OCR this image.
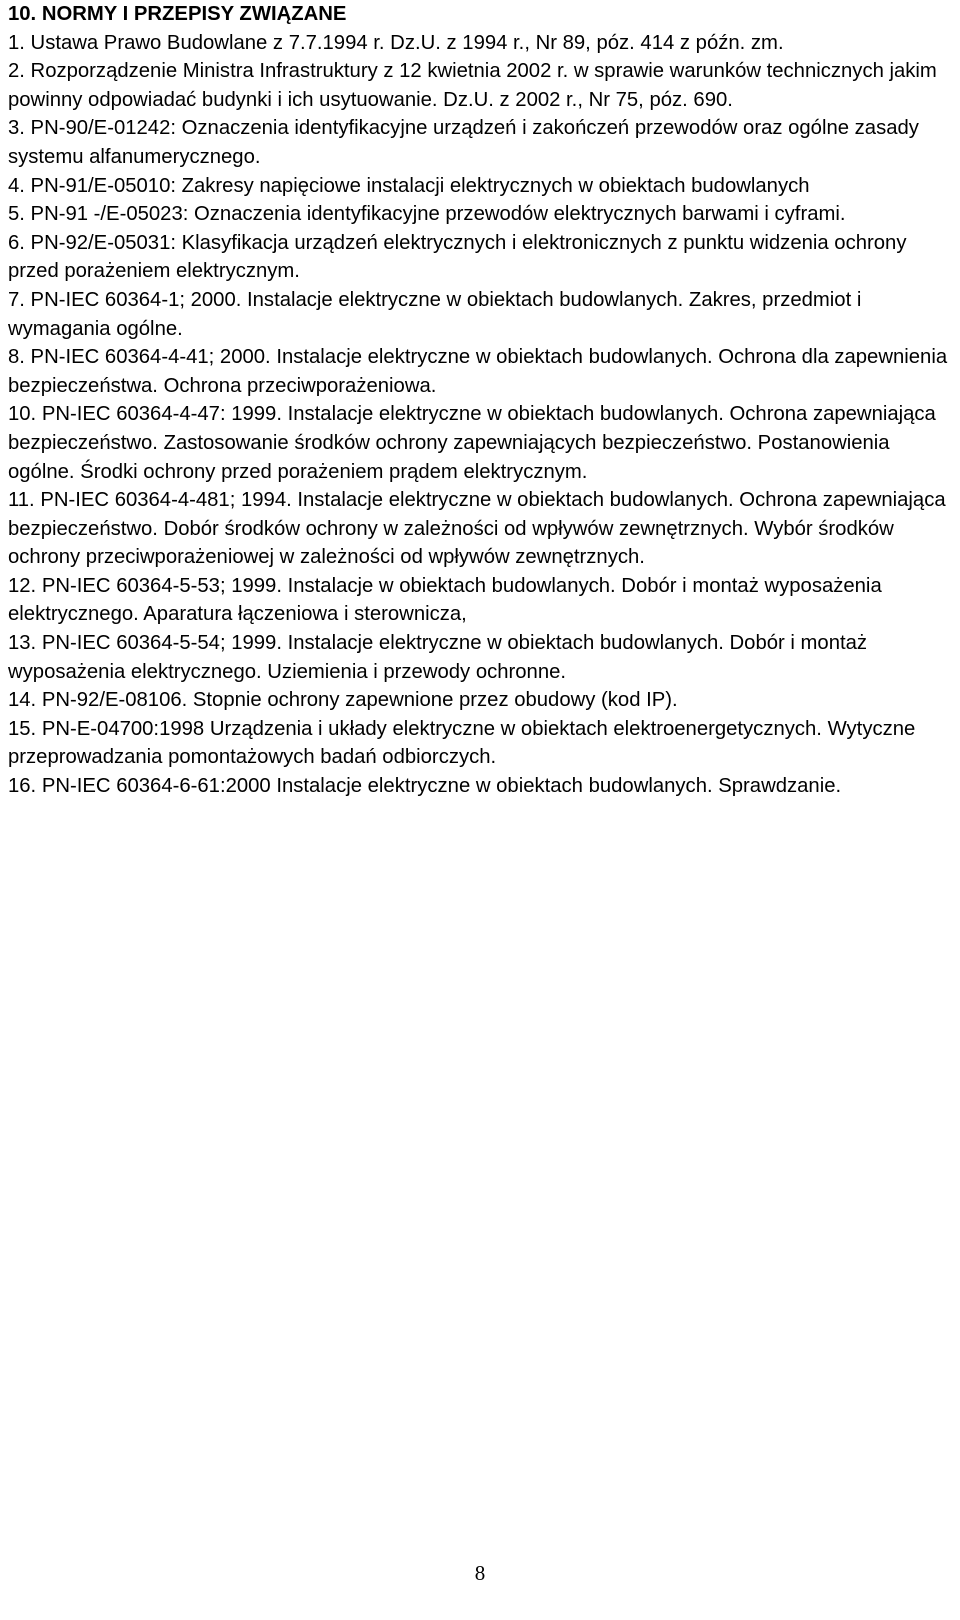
10. NORMY I PRZEPISY ZWIĄZANE
1. Ustawa Prawo Budowlane z 7.7.1994 r. Dz.U. z 1994 r., Nr 89, póz. 414 z późn. zm.
2. Rozporządzenie Ministra Infrastruktury z 12 kwietnia 2002 r. w sprawie warunków technicznych jakim powinny odpowiadać budynki i ich usytuowanie. Dz.U. z 2002 r., Nr 75, póz. 690.
3. PN-90/E-01242: Oznaczenia identyfikacyjne urządzeń i zakończeń przewodów oraz ogólne zasady systemu alfanumerycznego.
4. PN-91/E-05010: Zakresy napięciowe instalacji elektrycznych w obiektach budowlanych
5. PN-91 -/E-05023: Oznaczenia identyfikacyjne przewodów elektrycznych barwami i cyframi.
6. PN-92/E-05031: Klasyfikacja urządzeń elektrycznych i elektronicznych z punktu widzenia ochrony przed porażeniem elektrycznym.
7. PN-IEC 60364-1; 2000. Instalacje elektryczne w obiektach budowlanych. Zakres, przedmiot i wymagania ogólne.
8. PN-IEC 60364-4-41; 2000. Instalacje elektryczne w obiektach budowlanych. Ochrona dla zapewnienia bezpieczeństwa. Ochrona przeciwporażeniowa.
10. PN-IEC 60364-4-47: 1999. Instalacje elektryczne w obiektach budowlanych. Ochrona zapewniająca bezpieczeństwo. Zastosowanie środków ochrony zapewniających bezpieczeństwo. Postanowienia ogólne. Środki ochrony przed porażeniem prądem elektrycznym.
11. PN-IEC 60364-4-481; 1994. Instalacje elektryczne w obiektach budowlanych. Ochrona zapewniająca bezpieczeństwo. Dobór środków ochrony w zależności od wpływów zewnętrznych. Wybór środków ochrony przeciwporażeniowej w zależności od wpływów zewnętrznych.
12. PN-IEC 60364-5-53; 1999. Instalacje w obiektach budowlanych. Dobór i montaż wyposażenia elektrycznego. Aparatura łączeniowa i sterownicza,
13. PN-IEC 60364-5-54; 1999. Instalacje elektryczne w obiektach budowlanych. Dobór i montaż wyposażenia elektrycznego. Uziemienia i przewody ochronne.
14. PN-92/E-08106. Stopnie ochrony zapewnione przez obudowy (kod IP).
15. PN-E-04700:1998 Urządzenia i układy elektryczne w obiektach elektroenergetycznych. Wytyczne przeprowadzania pomontażowych badań odbiorczych.
16. PN-IEC 60364-6-61:2000 Instalacje elektryczne w obiektach budowlanych. Sprawdzanie.
8
